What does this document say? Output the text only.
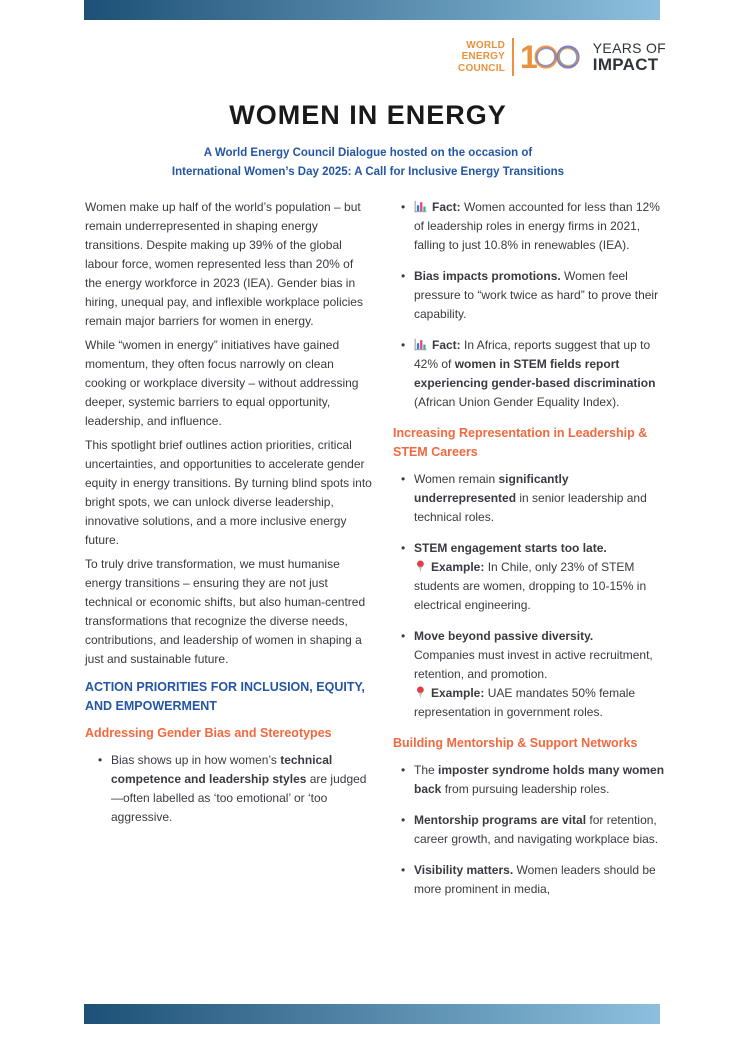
WORLD
ENERGY
COUNCIL 1	YEARS OF
IMPACT
WOMEN IN ENERGY
A World Energy Council Dialogue hosted on the occasion of
International Women’s Day 2025: A Call for Inclusive Energy Transitions

Women make up half of the world’s population – but remain underrepresented in shaping energy transitions. Despite making up 39% of the global labour force, women represented less than 20% of the energy workforce in 2023 (IEA). Gender bias in hiring, unequal pay, and inflexible workplace policies remain major barriers for women in energy.

While “women in energy” initiatives have gained momentum, they often focus narrowly on clean cooking or workplace diversity – without addressing deeper, systemic barriers to equal opportunity, leadership, and influence.

This spotlight brief outlines action priorities, critical uncertainties, and opportunities to accelerate gender equity in energy transitions. By turning blind spots into bright spots, we can unlock diverse leadership, innovative solutions, and a more inclusive energy future.

To truly drive transformation, we must humanise energy transitions – ensuring they are not just technical or economic shifts, but also human-centred transformations that recognize the diverse needs, contributions, and leadership of women in shaping a just and sustainable future.

ACTION PRIORITIES FOR INCLUSION, EQUITY, AND EMPOWERMENT
Addressing Gender Bias and Stereotypes
• Bias shows up in how women’s technical competence and leadership styles are judged—often labelled as ‘too emotional’ or ‘too aggressive.
•	Fact: Women accounted for less than 12% of leadership roles in energy firms in 2021, falling to just 10.8% in renewables (IEA).
• Bias impacts promotions. Women feel pressure to “work twice as hard” to prove their capability.
•	Fact: In Africa, reports suggest that up to 42% of women in STEM fields report experiencing gender-based discrimination (African Union Gender Equality Index).
Increasing Representation in Leadership & STEM Careers
• Women remain significantly underrepresented in senior leadership and technical roles.
• STEM engagement starts too late.
Example: In Chile, only 23% of STEM students are women, dropping to 10-15% in electrical engineering.
• Move beyond passive diversity.
Companies must invest in active recruitment, retention, and promotion.
Example: UAE mandates 50% female representation in government roles.
Building Mentorship & Support Networks
• The imposter syndrome holds many women back from pursuing leadership roles.
• Mentorship programs are vital for retention, career growth, and navigating workplace bias.
• Visibility matters. Women leaders should be more prominent in media,
